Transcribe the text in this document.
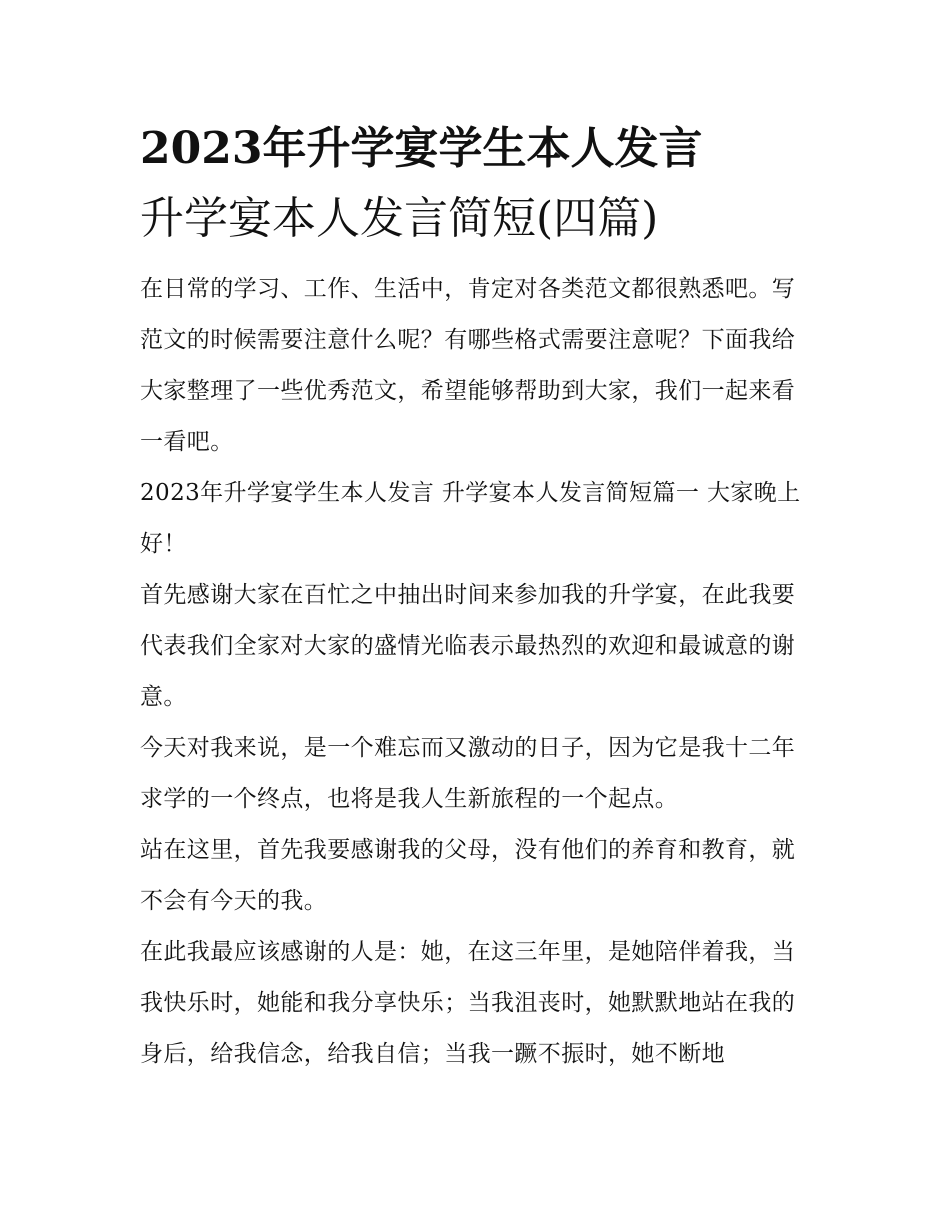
2023年升学宴学生本人发言
升学宴本人发言简短(四篇)

在日常的学习、工作、生活中，肯定对各类范文都很熟悉吧。写范文的时候需要注意什么呢？有哪些格式需要注意呢？下面我给大家整理了一些优秀范文，希望能够帮助到大家，我们一起来看一看吧。

2023年升学宴学生本人发言 升学宴本人发言简短篇一 大家晚上好！

首先感谢大家在百忙之中抽出时间来参加我的升学宴，在此我要代表我们全家对大家的盛情光临表示最热烈的欢迎和最诚意的谢意。

今天对我来说，是一个难忘而又激动的日子，因为它是我十二年求学的一个终点，也将是我人生新旅程的一个起点。

站在这里，首先我要感谢我的父母，没有他们的养育和教育，就不会有今天的我。

在此我最应该感谢的人是：她，在这三年里，是她陪伴着我，当我快乐时，她能和我分享快乐；当我沮丧时，她默默地站在我的身后，给我信念，给我自信；当我一蹶不振时，她不断地
